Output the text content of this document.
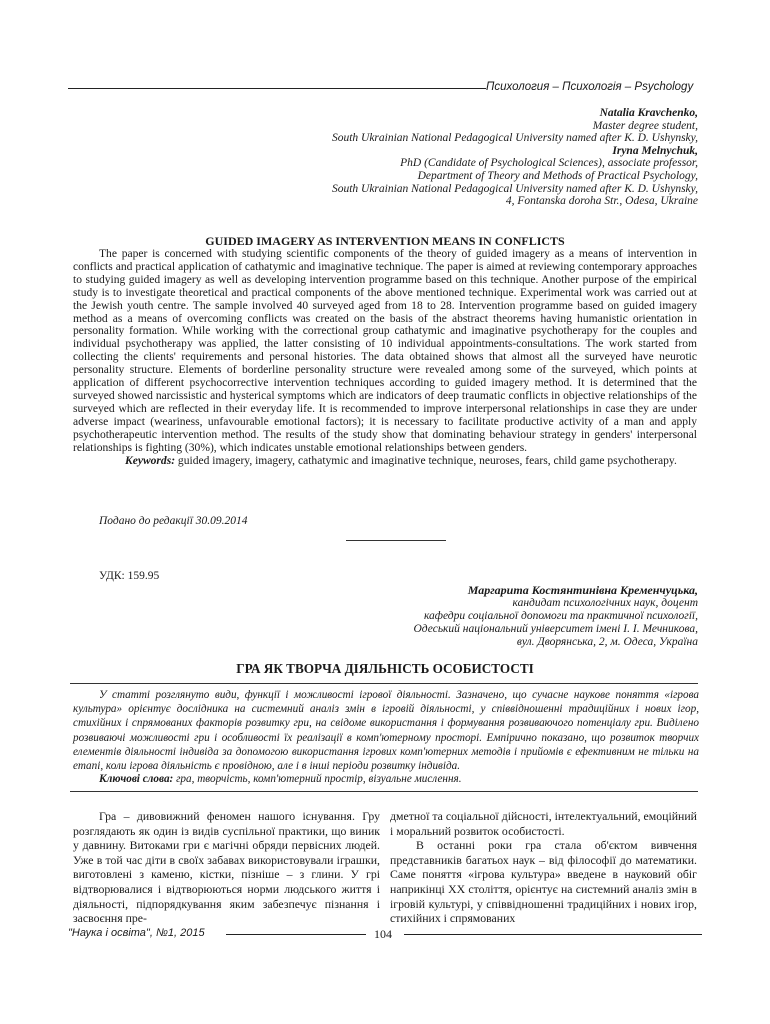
Психология – Психологія – Psychology
Natalia Kravchenko,
Master degree student,
South Ukrainian National Pedagogical University named after K. D. Ushynsky,
Iryna Melnychuk,
PhD (Candidate of Psychological Sciences), associate professor,
Department of Theory and Methods of Practical Psychology,
South Ukrainian National Pedagogical University named after K. D. Ushynsky,
4, Fontanska doroha Str., Odesa, Ukraine
GUIDED IMAGERY AS INTERVENTION MEANS IN CONFLICTS

The paper is concerned with studying scientific components of the theory of guided imagery as a means of intervention in conflicts and practical application of cathatymic and imaginative technique. The paper is aimed at reviewing contemporary approaches to studying guided imagery as well as developing intervention programme based on this technique. Another purpose of the empirical study is to investigate theoretical and practical components of the above mentioned technique. Experimental work was carried out at the Jewish youth centre. The sample involved 40 surveyed aged from 18 to 28. Intervention programme based on guided imagery method as a means of overcoming conflicts was created on the basis of the abstract theorems having humanistic orientation in personality formation. While working with the correctional group cathatymic and imaginative psychotherapy for the couples and individual psychotherapy was applied, the latter consisting of 10 individual appointments-consultations. The work started from collecting the clients' requirements and personal histories. The data obtained shows that almost all the surveyed have neurotic personality structure. Elements of borderline personality structure were revealed among some of the surveyed, which points at application of different psychocorrective intervention techniques according to guided imagery method. It is determined that the surveyed showed narcissistic and hysterical symptoms which are indicators of deep traumatic conflicts in objective relationships of the surveyed which are reflected in their everyday life. It is recommended to improve interpersonal relationships in case they are under adverse impact (weariness, unfavourable emotional factors); it is necessary to facilitate productive activity of a man and apply psychotherapeutic intervention method. The results of the study show that dominating behaviour strategy in genders' interpersonal relationships is fighting (30%), which indicates unstable emotional relationships between genders.

Keywords: guided imagery, imagery, cathatymic and imaginative technique, neuroses, fears, child game psychotherapy.

Подано до редакції 30.09.2014
УДК: 159.95
Маргарита Костянтинівна Кременчуцька,
кандидат психологічних наук, доцент
кафедри соціальної допомоги та практичної психології,
Одеський національний університет імені І. І. Мечникова,
вул. Дворянська, 2, м. Одеса, Україна
ГРА ЯК ТВОРЧА ДІЯЛЬНІСТЬ ОСОБИСТОСТІ

У статті розглянуто види, функції і можливості ігрової діяльності. Зазначено, що сучасне наукове поняття «ігрова культура» орієнтує дослідника на системний аналіз змін в ігровій діяльності, у співвідношенні традиційних і нових ігор, стихійних і спрямованих факторів розвитку гри, на свідоме використання і формування розвиваючого потенціалу гри. Виділено розвиваючі можливості гри і особливості їх реалізації в комп'ютерному просторі. Емпірично показано, що розвиток творчих елементів діяльності індивіда за допомогою використання ігрових комп'ютерних методів і прийомів є ефективним не тільки на етапі, коли ігрова діяльність є провідною, але і в інші періоди розвитку індивіда.

Ключові слова: гра, творчість, комп'ютерний простір, візуальне мислення.

Гра – дивовижний феномен нашого існування. Гру розглядають як один із видів суспільної практики, що виник у давнину. Витоками гри є магічні обряди первісних людей. Уже в той час діти в своїх забавах використовували іграшки, виготовлені з каменю, кістки, пізніше – з глини. У грі відтворювалися і відтворюються норми людського життя і діяльності, підпорядкування яким забезпечує пізнання і засвоєння пре-

дметної та соціальної дійсності, інтелектуальний, емоційний і моральний розвиток особистості.

В останні роки гра стала об'єктом вивчення представників багатьох наук – від філософії до математики. Саме поняття «ігрова культура» введене в науковий обіг наприкінці XX століття, орієнтує на системний аналіз змін в ігровій культурі, у співвідношенні традиційних і нових ігор, стихійних і спрямованих

"Наука і освіта", №1, 2015	104
